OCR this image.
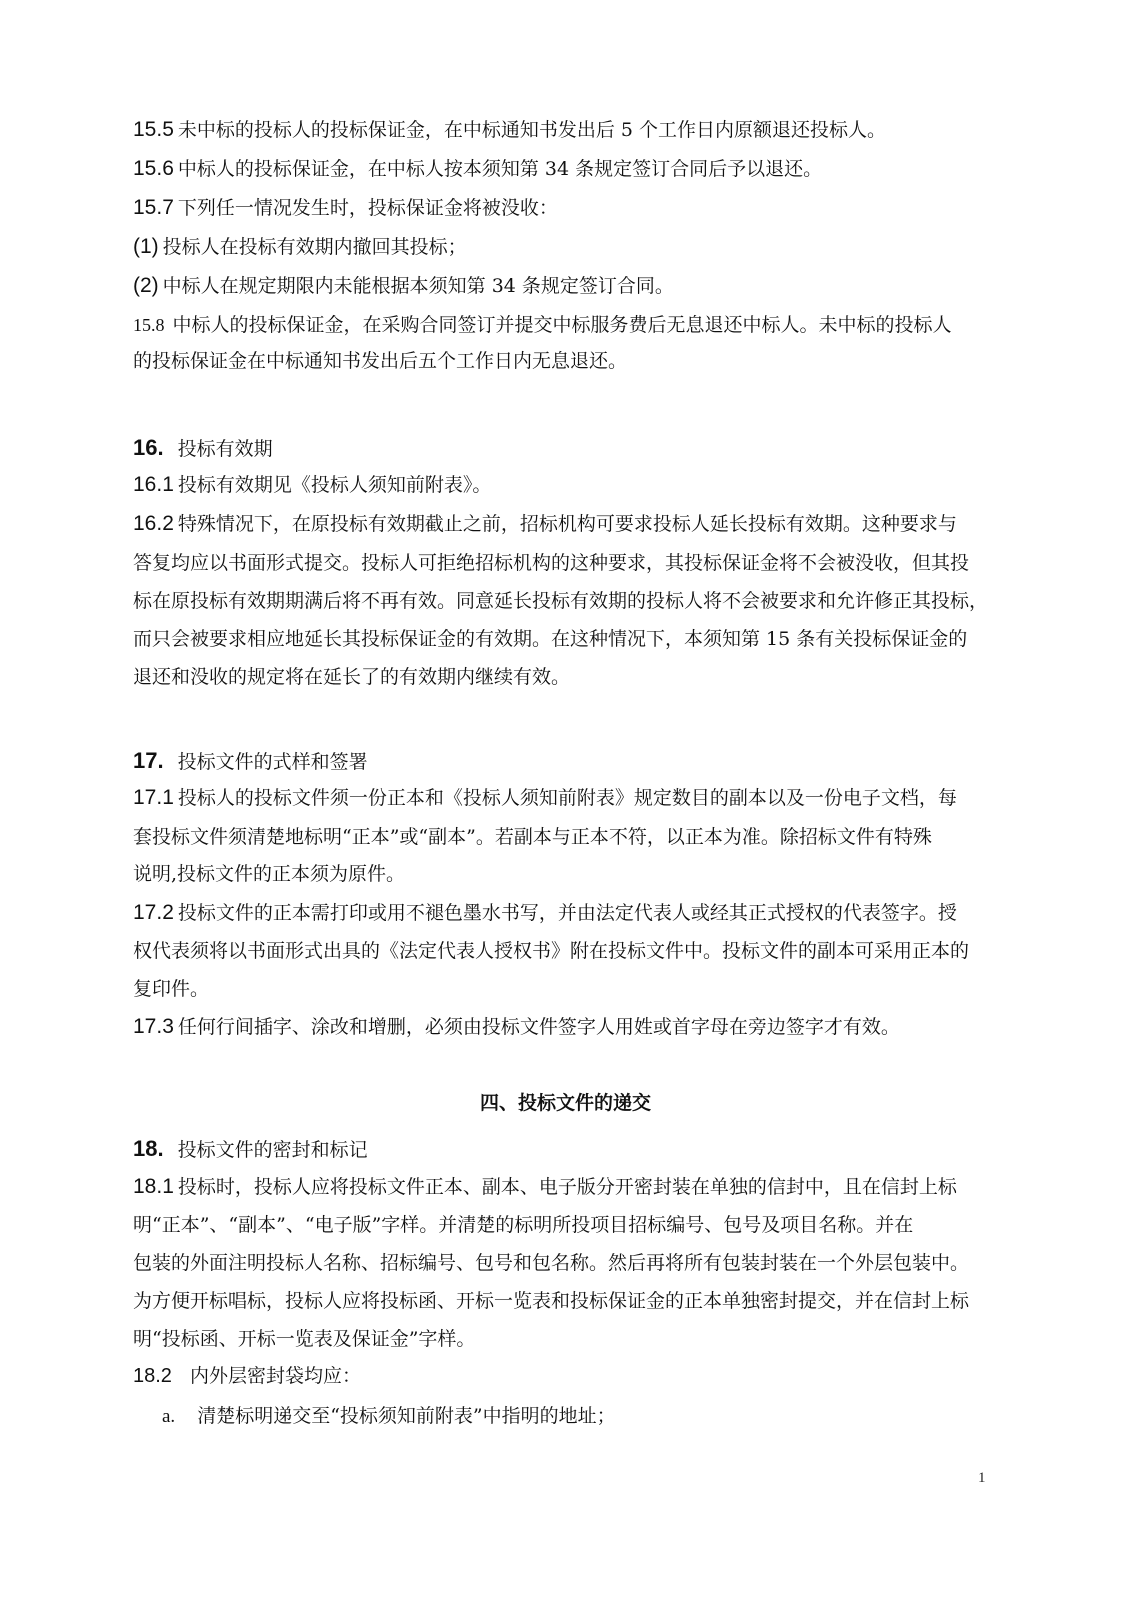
15.5 未中标的投标人的投标保证金，在中标通知书发出后 5 个工作日内原额退还投标人。
15.6 中标人的投标保证金，在中标人按本须知第 34 条规定签订合同后予以退还。
15.7 下列任一情况发生时，投标保证金将被没收：
(1) 投标人在投标有效期内撤回其投标；
(2) 中标人在规定期限内未能根据本须知第 34 条规定签订合同。
15.8 中标人的投标保证金，在采购合同签订并提交中标服务费后无息退还中标人。未中标的投标人
的投标保证金在中标通知书发出后五个工作日内无息退还。
16. 投标有效期
16.1 投标有效期见《投标人须知前附表》。
16.2 特殊情况下，在原投标有效期截止之前，招标机构可要求投标人延长投标有效期。这种要求与
答复均应以书面形式提交。投标人可拒绝招标机构的这种要求，其投标保证金将不会被没收，但其投
标在原投标有效期期满后将不再有效。同意延长投标有效期的投标人将不会被要求和允许修正其投标，
而只会被要求相应地延长其投标保证金的有效期。在这种情况下，本须知第 15 条有关投标保证金的
退还和没收的规定将在延长了的有效期内继续有效。
17. 投标文件的式样和签署
17.1 投标人的投标文件须一份正本和《投标人须知前附表》规定数目的副本以及一份电子文档，每
套投标文件须清楚地标明“正本”或“副本”。若副本与正本不符，以正本为准。除招标文件有特殊
说明,投标文件的正本须为原件。
17.2 投标文件的正本需打印或用不褪色墨水书写，并由法定代表人或经其正式授权的代表签字。授
权代表须将以书面形式出具的《法定代表人授权书》附在投标文件中。投标文件的副本可采用正本的
复印件。
17.3 任何行间插字、涂改和增删，必须由投标文件签字人用姓或首字母在旁边签字才有效。
四、投标文件的递交
18. 投标文件的密封和标记
18.1 投标时，投标人应将投标文件正本、副本、电子版分开密封装在单独的信封中，且在信封上标
明“正本”、“副本”、“电子版”字样。并清楚的标明所投项目招标编号、包号及项目名称。并在
包装的外面注明投标人名称、招标编号、包号和包名称。然后再将所有包装封装在一个外层包装中。
为方便开标唱标，投标人应将投标函、开标一览表和投标保证金的正本单独密封提交，并在信封上标
明“投标函、开标一览表及保证金”字样。
18.2 内外层密封袋均应：
a. 清楚标明递交至“投标须知前附表”中指明的地址；
1
